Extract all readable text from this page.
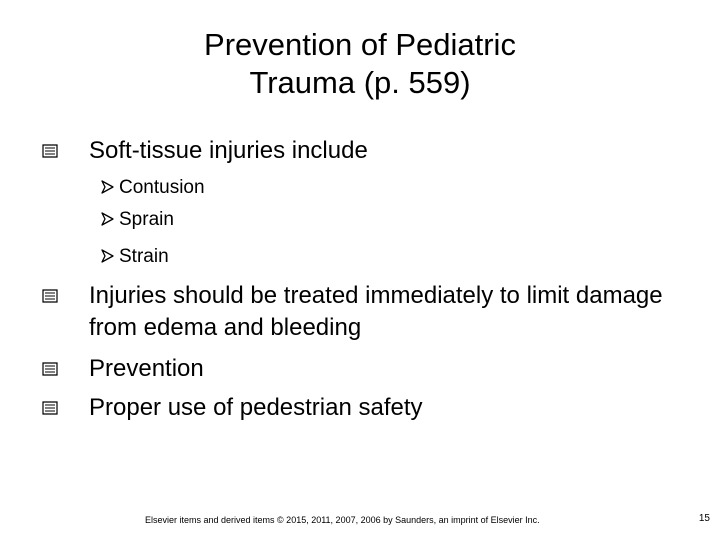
Prevention of Pediatric
Trauma (p. 559)
Soft-tissue injuries include
Contusion
Sprain
Strain
Injuries should be treated immediately to limit damage from edema and bleeding
Prevention
Proper use of pedestrian safety
Elsevier items and derived items © 2015, 2011, 2007, 2006 by Saunders, an imprint of Elsevier Inc.	15
